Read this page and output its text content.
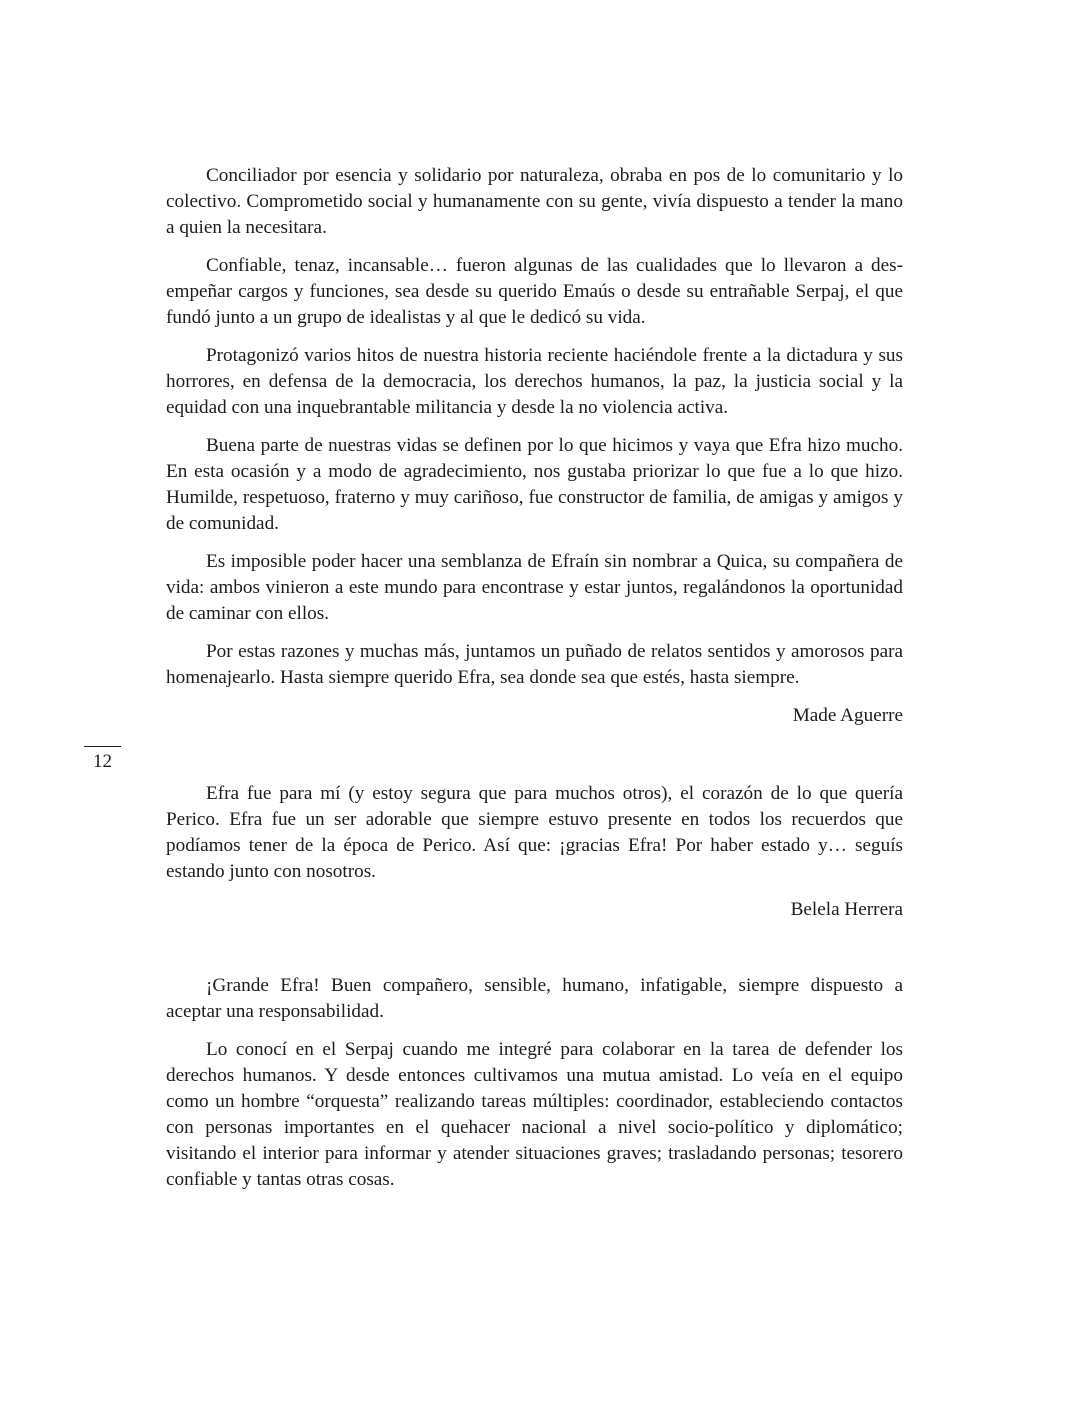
Conciliador por esencia y solidario por naturaleza, obraba en pos de lo comunitario y lo colectivo. Comprometido social y humanamente con su gente, vivía dispuesto a tender la mano a quien la necesitara.

Confiable, tenaz, incansable… fueron algunas de las cualidades que lo llevaron a desempeñar cargos y funciones, sea desde su querido Emaús o desde su entrañable Serpaj, el que fundó junto a un grupo de idealistas y al que le dedicó su vida.

Protagonizó varios hitos de nuestra historia reciente haciéndole frente a la dictadura y sus horrores, en defensa de la democracia, los derechos humanos, la paz, la justicia social y la equidad con una inquebrantable militancia y desde la no violencia activa.

Buena parte de nuestras vidas se definen por lo que hicimos y vaya que Efra hizo mucho. En esta ocasión y a modo de agradecimiento, nos gustaba priorizar lo que fue a lo que hizo. Humilde, respetuoso, fraterno y muy cariñoso, fue constructor de familia, de amigas y amigos y de comunidad.

Es imposible poder hacer una semblanza de Efraín sin nombrar a Quica, su compañera de vida: ambos vinieron a este mundo para encontrase y estar juntos, regalándonos la oportunidad de caminar con ellos.

Por estas razones y muchas más, juntamos un puñado de relatos sentidos y amorosos para homenajearlo. Hasta siempre querido Efra, sea donde sea que estés, hasta siempre.

Made Aguerre

12

Efra fue para mí (y estoy segura que para muchos otros), el corazón de lo que quería Perico. Efra fue un ser adorable que siempre estuvo presente en todos los recuerdos que podíamos tener de la época de Perico. Así que: ¡gracias Efra! Por haber estado y… seguís estando junto con nosotros.

Belela Herrera

¡Grande Efra! Buen compañero, sensible, humano, infatigable, siempre dispuesto a aceptar una responsabilidad.

Lo conocí en el Serpaj cuando me integré para colaborar en la tarea de defender los derechos humanos. Y desde entonces cultivamos una mutua amistad. Lo veía en el equipo como un hombre “orquesta” realizando tareas múltiples: coordinador, estableciendo contactos con personas importantes en el quehacer nacional a nivel socio-político y diplomático; visitando el interior para informar y atender situaciones graves; trasladando personas; tesorero confiable y tantas otras cosas.
